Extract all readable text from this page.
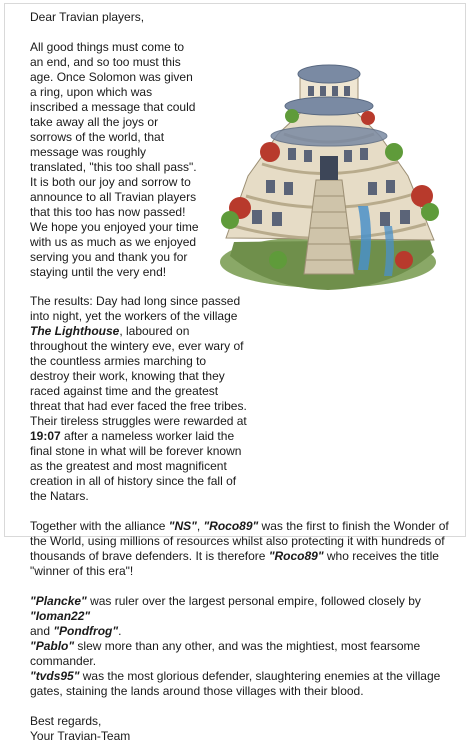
Dear Travian players,

All good things must come to an end, and so too must this age. Once Solomon was given a ring, upon which was inscribed a message that could take away all the joys or sorrows of the world, that message was roughly translated, "this too shall pass". It is both our joy and sorrow to announce to all Travian players that this too has now passed! We hope you enjoyed your time with us as much as we enjoyed serving you and thank you for staying until the very end!

The results: Day had long since passed into night, yet the workers of the village The Lighthouse, laboured on throughout the wintery eve, ever wary of the countless armies marching to destroy their work, knowing that they raced against time and the greatest threat that had ever faced the free tribes. Their tireless struggles were rewarded at 19:07 after a nameless worker laid the final stone in what will be forever known as the greatest and most magnificent creation in all of history since the fall of the Natars.

Together with the alliance "NS", "Roco89" was the first to finish the Wonder of the World, using millions of resources whilst also protecting it with hundreds of thousands of brave defenders. It is therefore "Roco89" who receives the title "winner of this era"!

"Plancke" was ruler over the largest personal empire, followed closely by "Ioman22"
and "Pondfrog".

"Pablo" slew more than any other, and was the mightiest, most fearsome commander.

"tvds95" was the most glorious defender, slaughtering enemies at the village gates, staining the lands around those villages with their blood.

Best regards,

Your Travian-Team
